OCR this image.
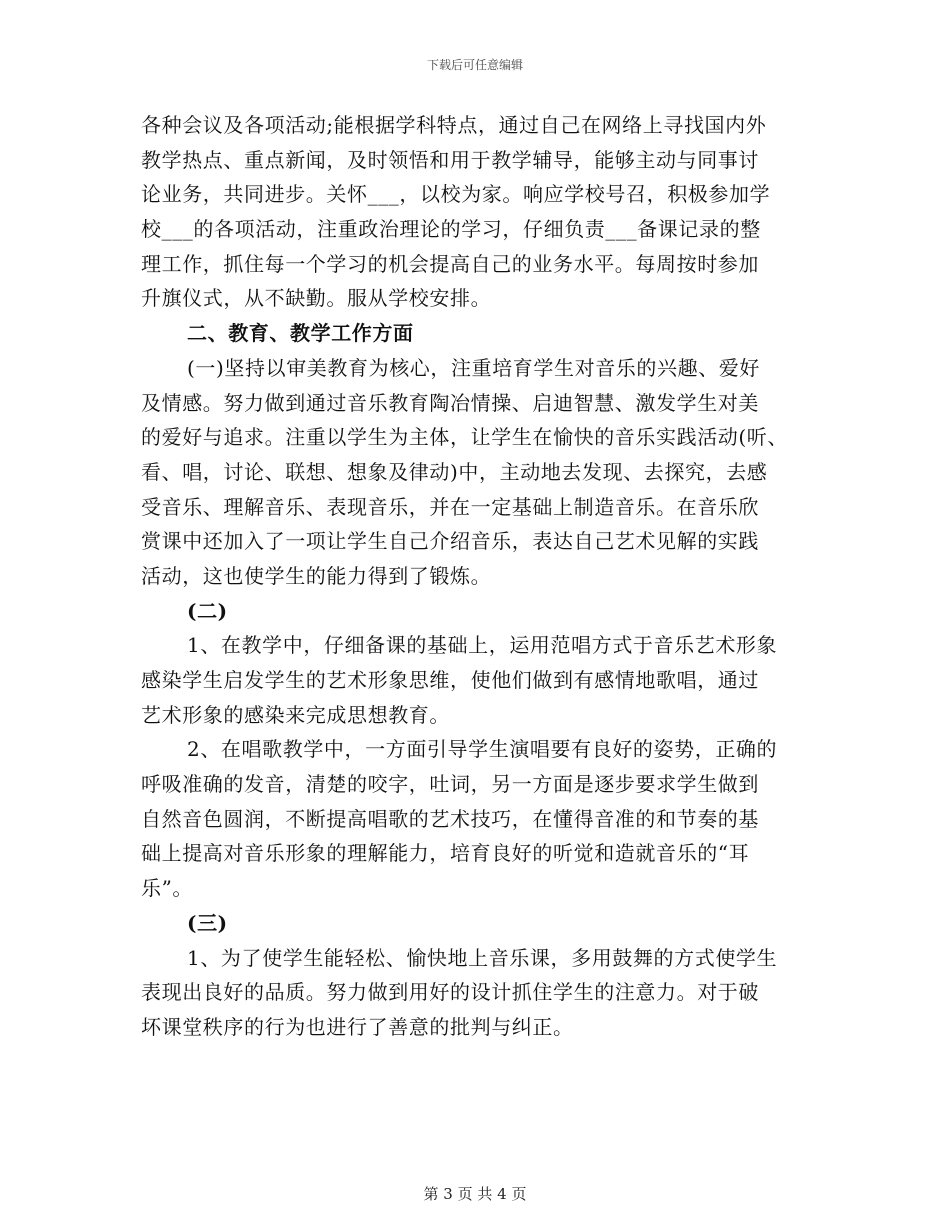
下载后可任意编辑
各种会议及各项活动;能根据学科特点，通过自己在网络上寻找国内外
教学热点、重点新闻，及时领悟和用于教学辅导，能够主动与同事讨
论业务，共同进步。关怀___，以校为家。响应学校号召，积极参加学
校___的各项活动，注重政治理论的学习，仔细负责___备课记录的整
理工作，抓住每一个学习的机会提高自己的业务水平。每周按时参加
升旗仪式，从不缺勤。服从学校安排。
二、教育、教学工作方面
(一)坚持以审美教育为核心，注重培育学生对音乐的兴趣、爱好
及情感。努力做到通过音乐教育陶冶情操、启迪智慧、激发学生对美
的爱好与追求。注重以学生为主体，让学生在愉快的音乐实践活动(听、
看、唱，讨论、联想、想象及律动)中，主动地去发现、去探究，去感
受音乐、理解音乐、表现音乐，并在一定基础上制造音乐。在音乐欣
赏课中还加入了一项让学生自己介绍音乐，表达自己艺术见解的实践
活动，这也使学生的能力得到了锻炼。
(二)
1、在教学中，仔细备课的基础上，运用范唱方式于音乐艺术形象
感染学生启发学生的艺术形象思维，使他们做到有感情地歌唱，通过
艺术形象的感染来完成思想教育。
2、在唱歌教学中，一方面引导学生演唱要有良好的姿势，正确的
呼吸准确的发音，清楚的咬字，吐词，另一方面是逐步要求学生做到
自然音色圆润，不断提高唱歌的艺术技巧，在懂得音准的和节奏的基
础上提高对音乐形象的理解能力，培育良好的听觉和造就音乐的“耳
乐”。
(三)
1、为了使学生能轻松、愉快地上音乐课，多用鼓舞的方式使学生
表现出良好的品质。努力做到用好的设计抓住学生的注意力。对于破
坏课堂秩序的行为也进行了善意的批判与纠正。
第 3 页 共 4 页
